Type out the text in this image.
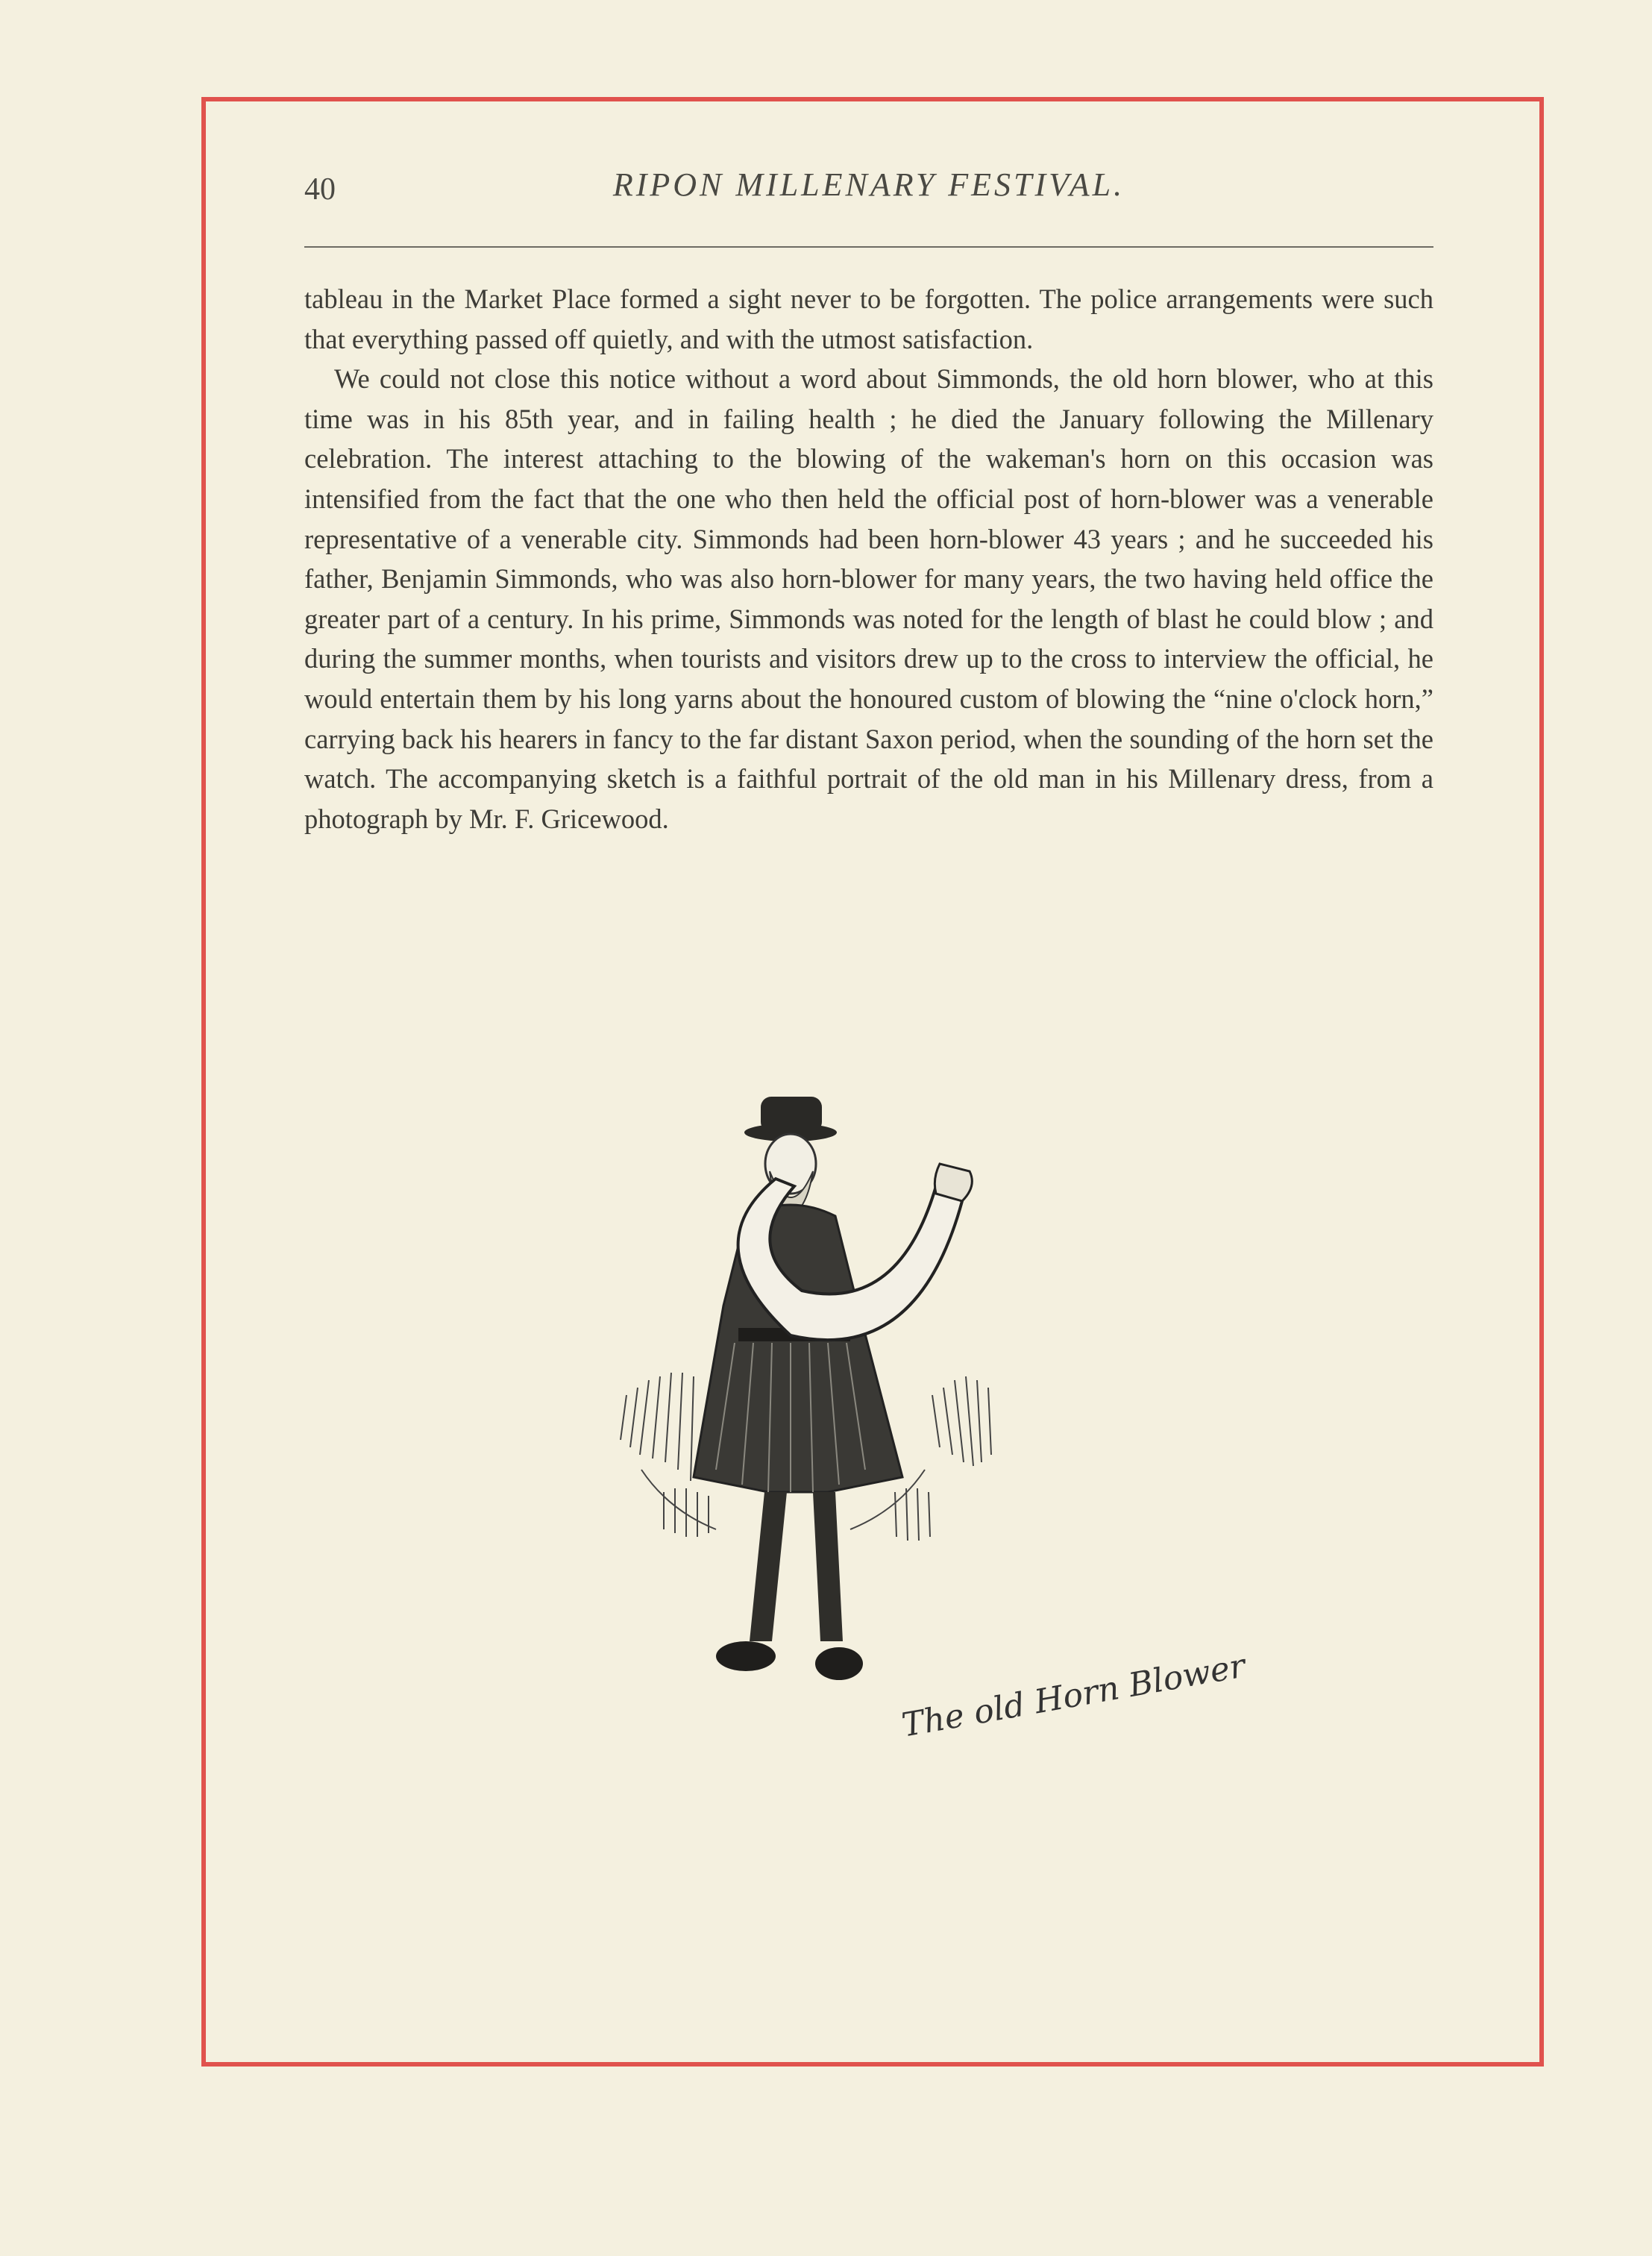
40	RIPON MILLENARY FESTIVAL.

tableau in the Market Place formed a sight never to be forgotten. The police arrangements were such that everything passed off quietly, and with the utmost satisfaction.

We could not close this notice without a word about Simmonds, the old horn blower, who at this time was in his 85th year, and in failing health ; he died the January following the Millenary celebration. The interest attaching to the blowing of the wakeman's horn on this occasion was intensified from the fact that the one who then held the official post of horn-blower was a venerable representative of a venerable city. Simmonds had been horn-blower 43 years ; and he succeeded his father, Benjamin Simmonds, who was also horn-blower for many years, the two having held office the greater part of a century. In his prime, Simmonds was noted for the length of blast he could blow ; and during the summer months, when tourists and visitors drew up to the cross to interview the official, he would entertain them by his long yarns about the honoured custom of blowing the “nine o'clock horn,” carrying back his hearers in fancy to the far distant Saxon period, when the sounding of the horn set the watch. The accompanying sketch is a faithful portrait of the old man in his Millenary dress, from a photograph by Mr. F. Gricewood.

The old Horn Blower
